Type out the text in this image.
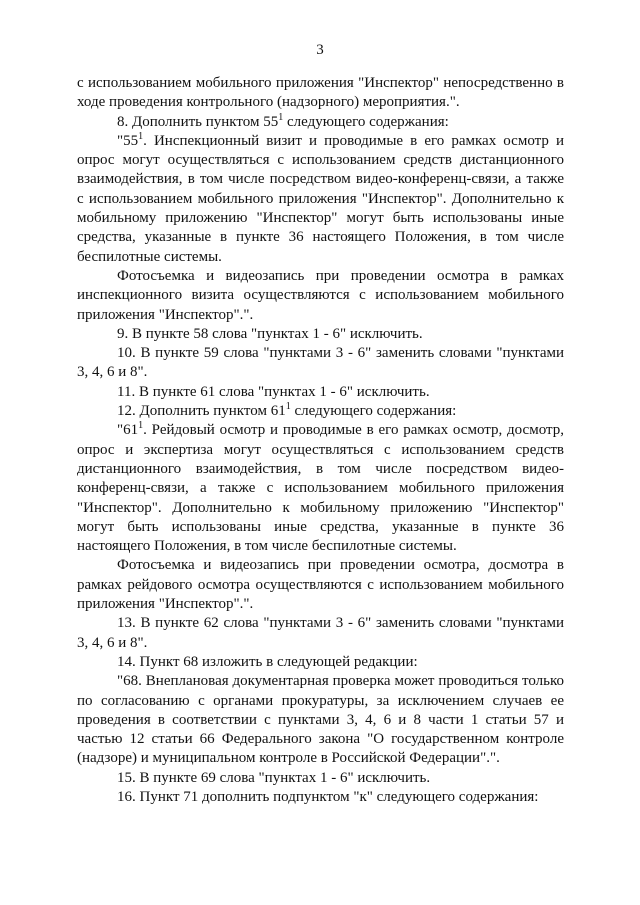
3

с использованием мобильного приложения "Инспектор" непосредственно в ходе проведения контрольного (надзорного) мероприятия.".

8. Дополнить пунктом $55^1$ следующего содержания:

"$55^1$. Инспекционный визит и проводимые в его рамках осмотр и опрос могут осуществляться с использованием средств дистанционного взаимодействия, в том числе посредством видео-конференц-связи, а также с использованием мобильного приложения "Инспектор". Дополнительно к мобильному приложению "Инспектор" могут быть использованы иные средства, указанные в пункте 36 настоящего Положения, в том числе беспилотные системы.

Фотосъемка и видеозапись при проведении осмотра в рамках инспекционного визита осуществляются с использованием мобильного приложения "Инспектор".".

9. В пункте 58 слова "пунктах 1 - 6" исключить.

10. В пункте 59 слова "пунктами 3 - 6" заменить словами "пунктами 3, 4, 6 и 8".

11. В пункте 61 слова "пунктах 1 - 6" исключить.

12. Дополнить пунктом $61^1$ следующего содержания:

"$61^1$. Рейдовый осмотр и проводимые в его рамках осмотр, досмотр, опрос и экспертиза могут осуществляться с использованием средств дистанционного взаимодействия, в том числе посредством видео-конференц-связи, а также с использованием мобильного приложения "Инспектор". Дополнительно к мобильному приложению "Инспектор" могут быть использованы иные средства, указанные в пункте 36 настоящего Положения, в том числе беспилотные системы.

Фотосъемка и видеозапись при проведении осмотра, досмотра в рамках рейдового осмотра осуществляются с использованием мобильного приложения "Инспектор".".

13. В пункте 62 слова "пунктами 3 - 6" заменить словами "пунктами 3, 4, 6 и 8".

14. Пункт 68 изложить в следующей редакции:

"68. Внеплановая документарная проверка может проводиться только по согласованию с органами прокуратуры, за исключением случаев ее проведения в соответствии с пунктами 3, 4, 6 и 8 части 1 статьи 57 и частью 12 статьи 66 Федерального закона "О государственном контроле (надзоре) и муниципальном контроле в Российской Федерации".".

15. В пункте 69 слова "пунктах 1 - 6" исключить.

16. Пункт 71 дополнить подпунктом "к" следующего содержания:
